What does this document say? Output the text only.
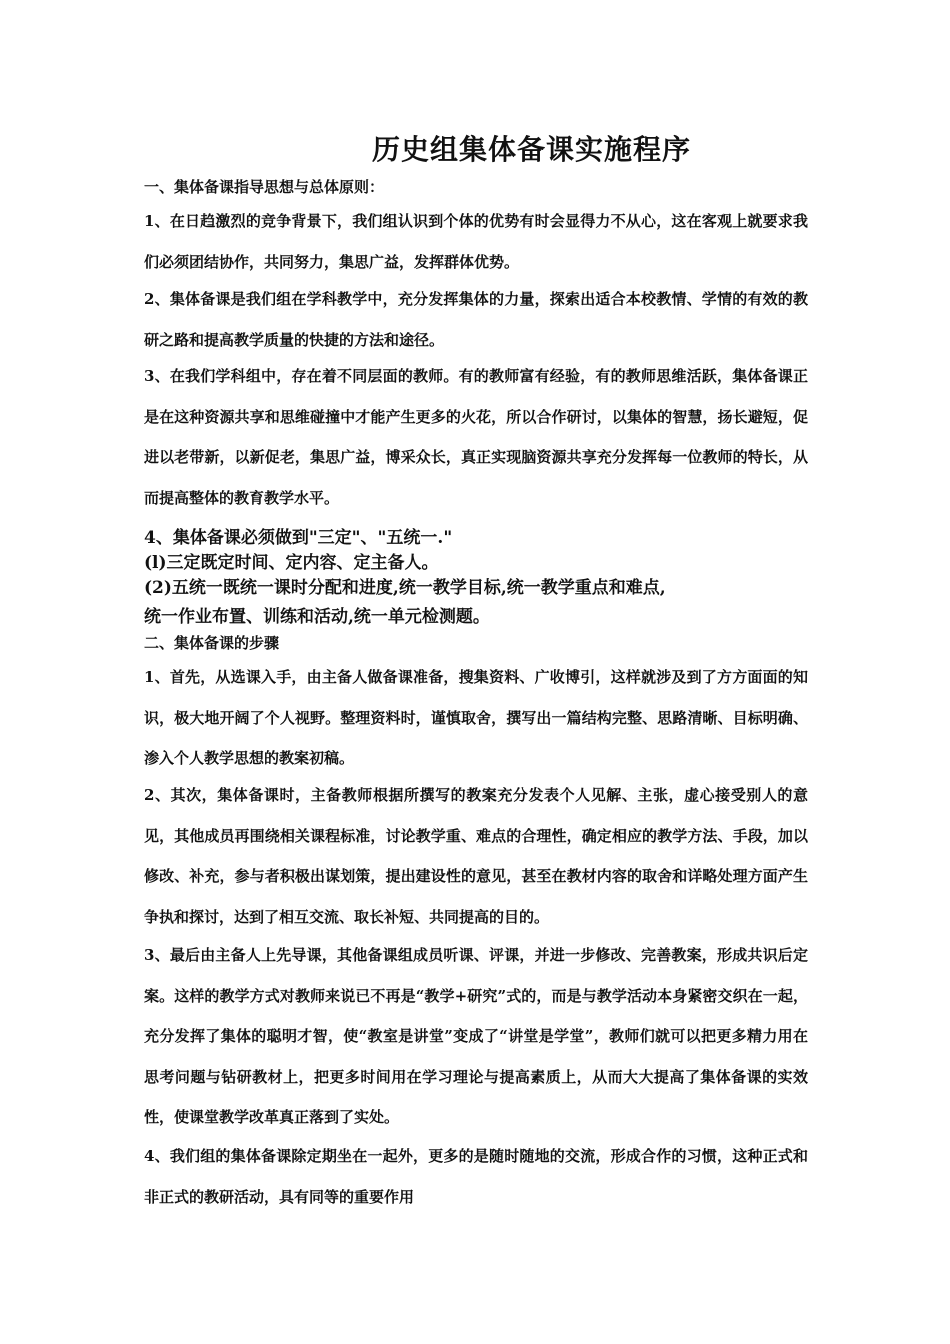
历史组集体备课实施程序
一、集体备课指导思想与总体原则：

1、在日趋激烈的竞争背景下，我们组认识到个体的优势有时会显得力不从心，这在客观上就要求我们必须团结协作，共同努力，集思广益，发挥群体优势。

2、集体备课是我们组在学科教学中，充分发挥集体的力量，探索出适合本校教情、学情的有效的教研之路和提高教学质量的快捷的方法和途径。

3、在我们学科组中，存在着不同层面的教师。有的教师富有经验，有的教师思维活跃，集体备课正是在这种资源共享和思维碰撞中才能产生更多的火花，所以合作研讨，以集体的智慧，扬长避短，促进以老带新，以新促老，集思广益，博采众长，真正实现脑资源共享充分发挥每一位教师的特长，从而提高整体的教育教学水平。

4、集体备课必须做到"三定"、"五统一."
(l)三定既定时间、定内容、定主备人。
(2)五统一既统一课时分配和进度,统一教学目标,统一教学重点和难点,
统一作业布置、训练和活动,统一单元检测题。
二、集体备课的步骤

1、首先，从选课入手，由主备人做备课准备，搜集资料、广收博引，这样就涉及到了方方面面的知识，极大地开阔了个人视野。整理资料时，谨慎取舍，撰写出一篇结构完整、思路清晰、目标明确、渗入个人教学思想的教案初稿。

2、其次，集体备课时，主备教师根据所撰写的教案充分发表个人见解、主张，虚心接受别人的意见，其他成员再围绕相关课程标准，讨论教学重、难点的合理性，确定相应的教学方法、手段，加以修改、补充，参与者积极出谋划策，提出建设性的意见，甚至在教材内容的取舍和详略处理方面产生争执和探讨，达到了相互交流、取长补短、共同提高的目的。

3、最后由主备人上先导课，其他备课组成员听课、评课，并进一步修改、完善教案，形成共识后定案。这样的教学方式对教师来说已不再是“教学+研究”式的，而是与教学活动本身紧密交织在一起，充分发挥了集体的聪明才智，使“教室是讲堂”变成了“讲堂是学堂”，教师们就可以把更多精力用在思考问题与钻研教材上，把更多时间用在学习理论与提高素质上，从而大大提高了集体备课的实效性，使课堂教学改革真正落到了实处。

4、我们组的集体备课除定期坐在一起外，更多的是随时随地的交流，形成合作的习惯，这种正式和非正式的教研活动，具有同等的重要作用
